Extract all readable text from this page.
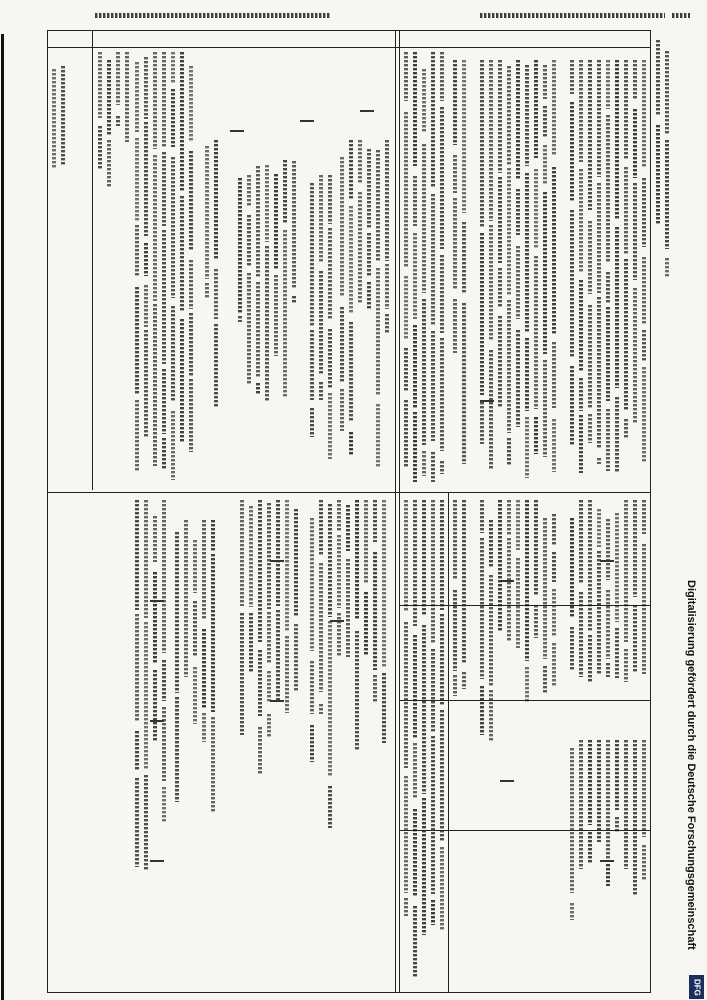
Digitalisierung gefördert durch die Deutsche Forschungsgemeinschaft
DFG
